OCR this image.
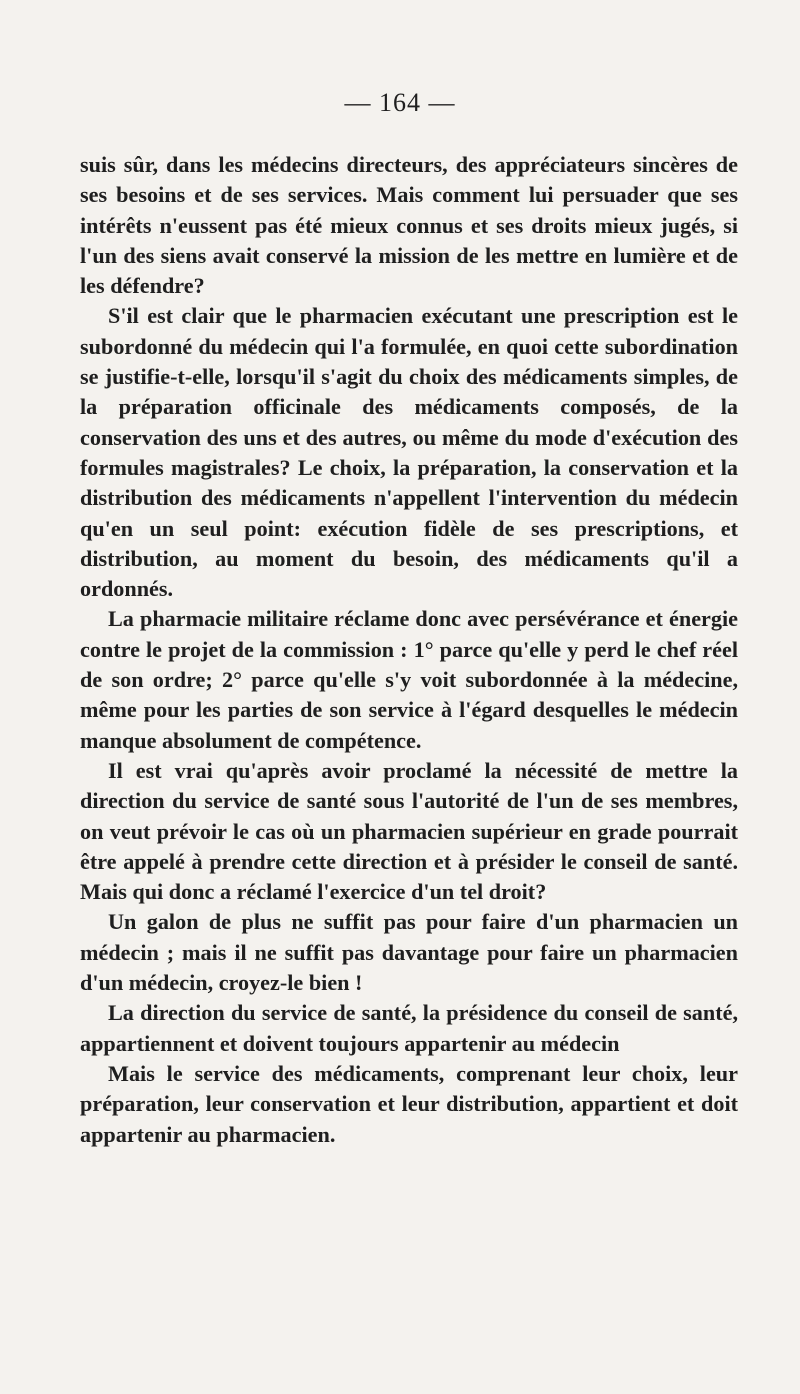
— 164 —

suis sûr, dans les médecins directeurs, des appréciateurs sincères de ses besoins et de ses services. Mais comment lui persuader que ses intérêts n'eussent pas été mieux connus et ses droits mieux jugés, si l'un des siens avait conservé la mission de les mettre en lumière et de les défendre?

S'il est clair que le pharmacien exécutant une prescription est le subordonné du médecin qui l'a formulée, en quoi cette subordination se justifie-t-elle, lorsqu'il s'agit du choix des médicaments simples, de la préparation officinale des médicaments composés, de la conservation des uns et des autres, ou même du mode d'exécution des formules magistrales? Le choix, la préparation, la conservation et la distribution des médicaments n'appellent l'intervention du médecin qu'en un seul point: exécution fidèle de ses prescriptions, et distribution, au moment du besoin, des médicaments qu'il a ordonnés.

La pharmacie militaire réclame donc avec persévérance et énergie contre le projet de la commission : 1° parce qu'elle y perd le chef réel de son ordre; 2° parce qu'elle s'y voit subordonnée à la médecine, même pour les parties de son service à l'égard desquelles le médecin manque absolument de compétence.

Il est vrai qu'après avoir proclamé la nécessité de mettre la direction du service de santé sous l'autorité de l'un de ses membres, on veut prévoir le cas où un pharmacien supérieur en grade pourrait être appelé à prendre cette direction et à présider le conseil de santé. Mais qui donc a réclamé l'exercice d'un tel droit?

Un galon de plus ne suffit pas pour faire d'un pharmacien un médecin ; mais il ne suffit pas davantage pour faire un pharmacien d'un médecin, croyez-le bien !

La direction du service de santé, la présidence du conseil de santé, appartiennent et doivent toujours appartenir au médecin

Mais le service des médicaments, comprenant leur choix, leur préparation, leur conservation et leur distribution, appartient et doit appartenir au pharmacien.
